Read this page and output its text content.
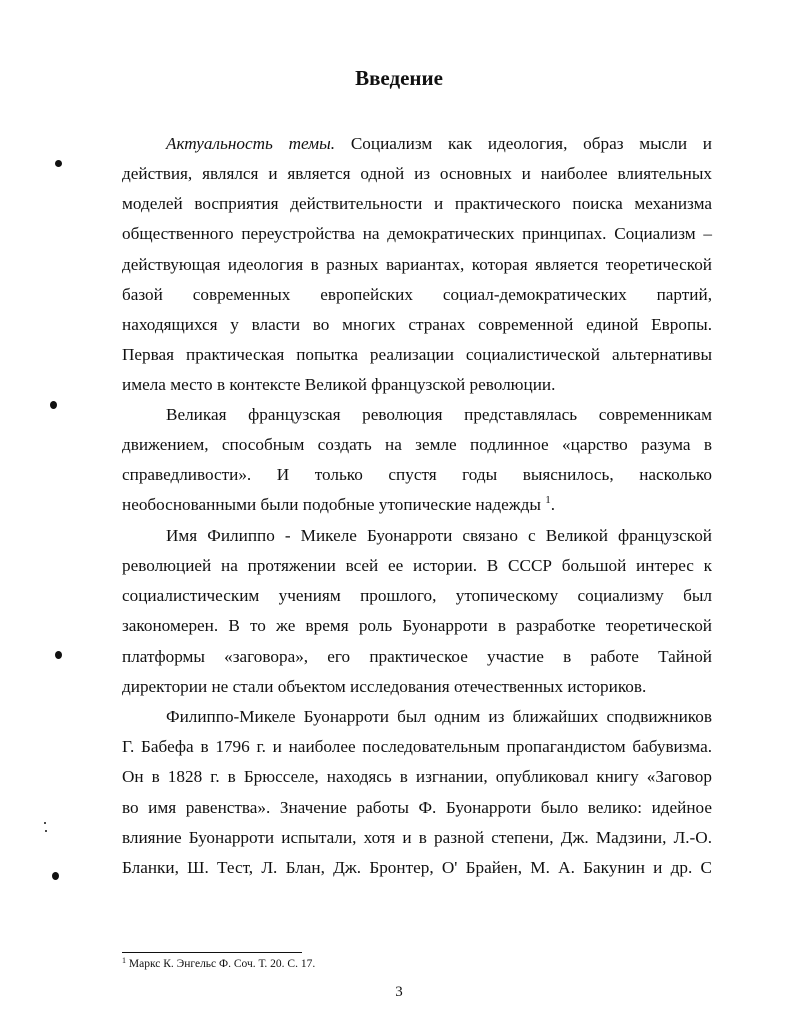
Введение
Актуальность темы. Социализм как идеология, образ мысли и
действия, являлся и является одной из основных и наиболее влиятельных
моделей восприятия действительности и практического поиска механизма
общественного переустройства на демократических принципах. Социализм –
действующая идеология в разных вариантах, которая является теоретической
базой современных европейских социал-демократических партий,
находящихся у власти во многих странах современной единой Европы.
Первая практическая попытка реализации социалистической альтернативы
имела место в контексте Великой французской революции.
Великая французская революция представлялась современникам
движением, способным создать на земле подлинное «царство разума в
справедливости». И только спустя годы выяснилось, насколько
необоснованными были подобные утопические надежды $^1$.
Имя Филиппо - Микеле Буонарроти связано с Великой французской
революцией на протяжении всей ее истории. В СССР большой интерес к
социалистическим учениям прошлого, утопическому социализму был
закономерен. В то же время роль Буонарроти в разработке теоретической
платформы «заговора», его практическое участие в работе Тайной
директории не стали объектом исследования отечественных историков.
Филиппо-Микеле Буонарроти был одним из ближайших сподвижников
Г. Бабефа в 1796 г. и наиболее последовательным пропагандистом бабувизма.
Он в 1828 г. в Брюсселе, находясь в изгнании, опубликовал книгу «Заговор
во имя равенства». Значение работы Ф. Буонарроти было велико: идейное
влияние Буонарроти испытали, хотя и в разной степени, Дж. Мадзини, Л.-О.
Бланки, Ш. Тест, Л. Блан, Дж. Бронтер, О' Брайен, М. А. Бакунин и др. С
$^1$ Маркс К. Энгельс Ф. Соч. Т. 20. С. 17.
3
